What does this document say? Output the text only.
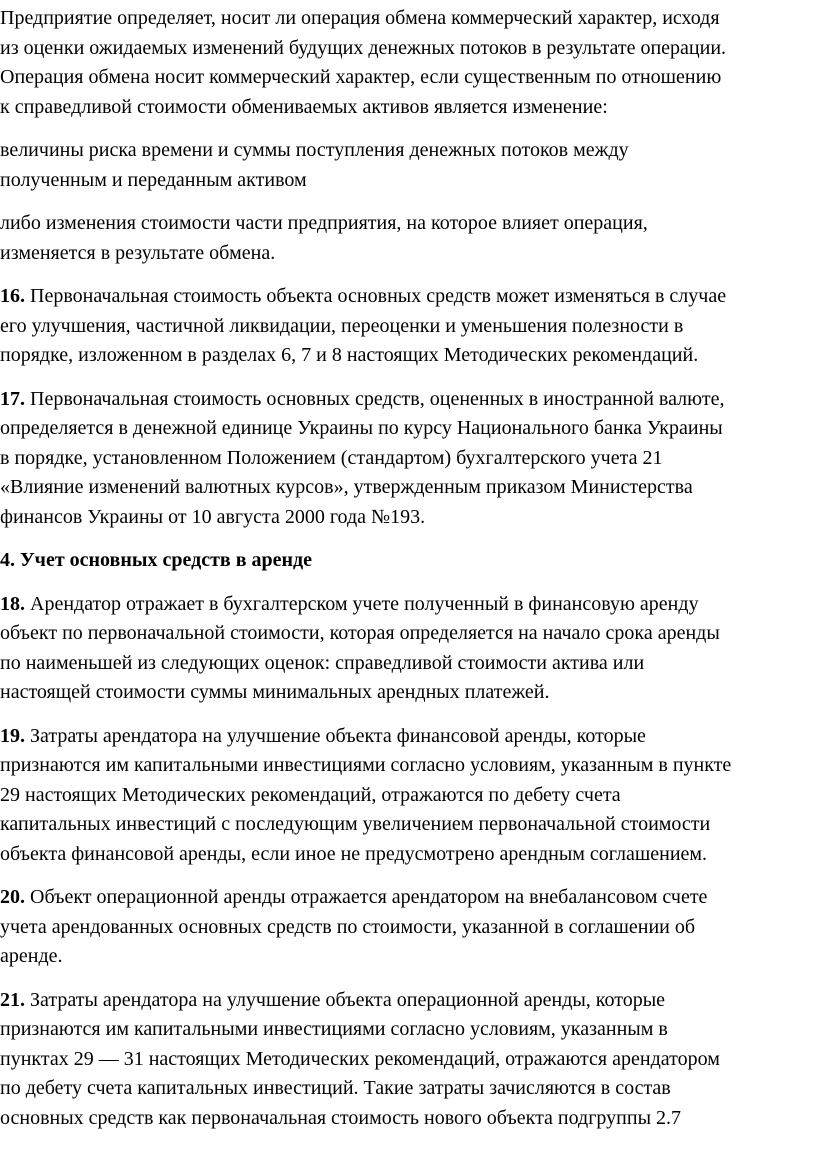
Предприятие определяет, носит ли операция обмена коммерческий характер, исходя
из оценки ожидаемых изменений будущих денежных потоков в результате операции.
Операция обмена носит коммерческий характер, если существенным по отношению
к справедливой стоимости обмениваемых активов является изменение:

величины риска времени и суммы поступления денежных потоков между
полученным и переданным активом

либо изменения стоимости части предприятия, на которое влияет операция,
изменяется в результате обмена.

16. Первоначальная стоимость объекта основных средств может изменяться в случае
его улучшения, частичной ликвидации, переоценки и уменьшения полезности в
порядке, изложенном в разделах 6, 7 и 8 настоящих Методических рекомендаций.

17. Первоначальная стоимость основных средств, оцененных в иностранной валюте,
определяется в денежной единице Украины по курсу Национального банка Украины
в порядке, установленном Положением (стандартом) бухгалтерского учета 21
«Влияние изменений валютных курсов», утвержденным приказом Министерства
финансов Украины от 10 августа 2000 года №193.

4. Учет основных средств в аренде

18. Арендатор отражает в бухгалтерском учете полученный в финансовую аренду
объект по первоначальной стоимости, которая определяется на начало срока аренды
по наименьшей из следующих оценок: справедливой стоимости актива или
настоящей стоимости суммы минимальных арендных платежей.

19. Затраты арендатора на улучшение объекта финансовой аренды, которые
признаются им капитальными инвестициями согласно условиям, указанным в пункте
29 настоящих Методических рекомендаций, отражаются по дебету счета
капитальных инвестиций с последующим увеличением первоначальной стоимости
объекта финансовой аренды, если иное не предусмотрено арендным соглашением.

20. Объект операционной аренды отражается арендатором на внебалансовом счете
учета арендованных основных средств по стоимости, указанной в соглашении об
аренде.

21. Затраты арендатора на улучшение объекта операционной аренды, которые
признаются им капитальными инвестициями согласно условиям, указанным в
пунктах 29 — 31 настоящих Методических рекомендаций, отражаются арендатором
по дебету счета капитальных инвестиций. Такие затраты зачисляются в состав
основных средств как первоначальная стоимость нового объекта подгруппы 2.7
